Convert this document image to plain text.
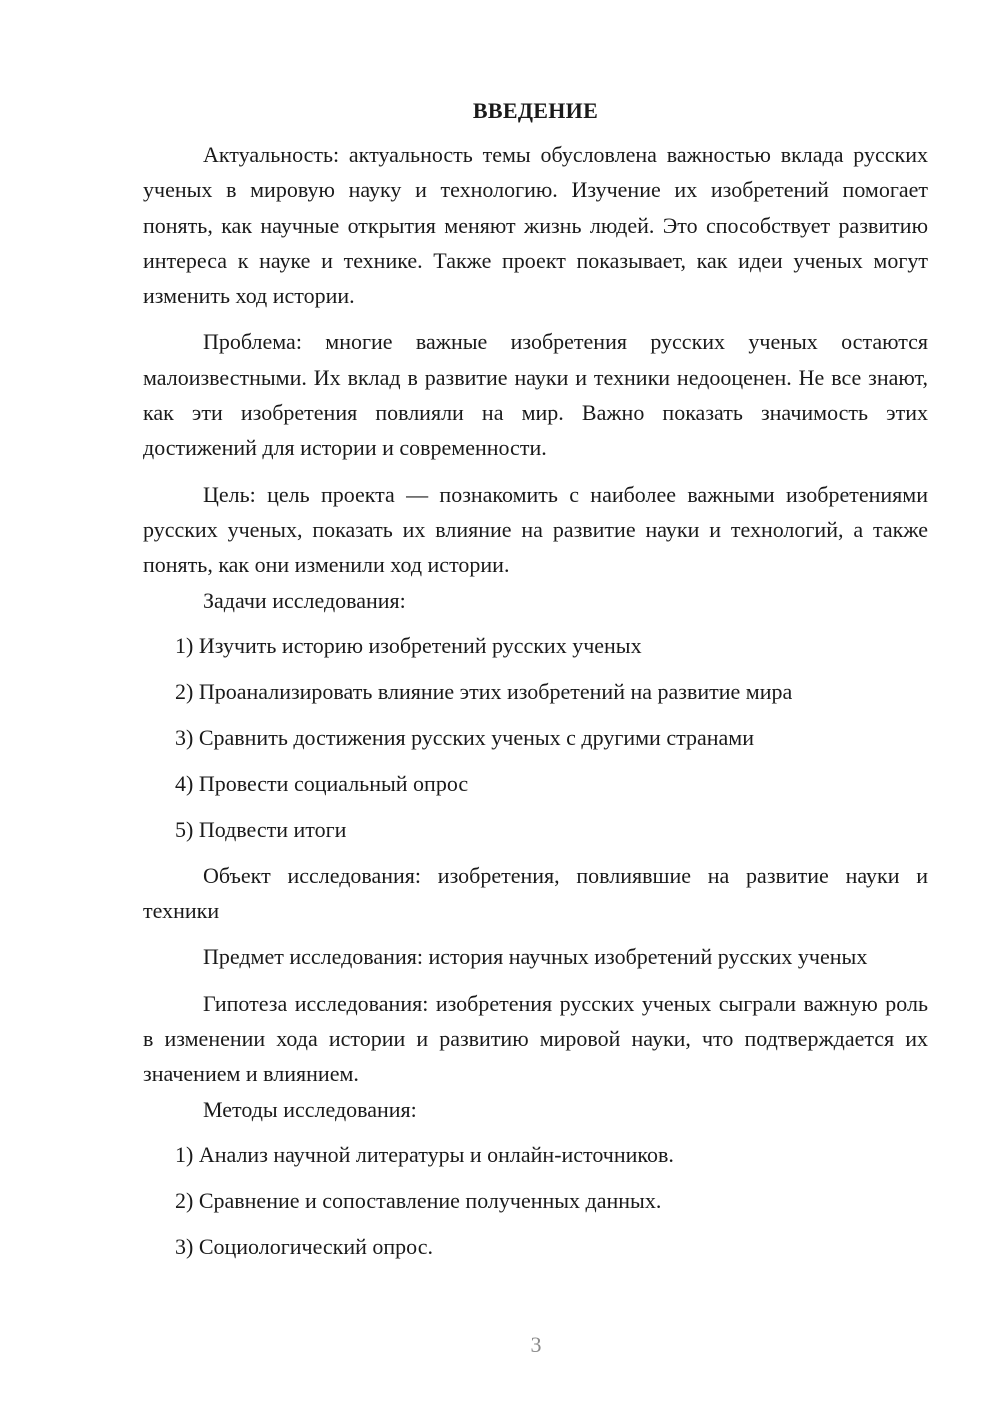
ВВЕДЕНИЕ

Актуальность: актуальность темы обусловлена важностью вклада русских ученых в мировую науку и технологию. Изучение их изобретений помогает понять, как научные открытия меняют жизнь людей. Это способствует развитию интереса к науке и технике. Также проект показывает, как идеи ученых могут изменить ход истории.

Проблема: многие важные изобретения русских ученых остаются малоизвестными. Их вклад в развитие науки и техники недооценен. Не все знают, как эти изобретения повлияли на мир. Важно показать значимость этих достижений для истории и современности.

Цель: цель проекта — познакомить с наиболее важными изобретениями русских ученых, показать их влияние на развитие науки и технологий, а также понять, как они изменили ход истории.

Задачи исследования:

1) Изучить историю изобретений русских ученых

2) Проанализировать влияние этих изобретений на развитие мира

3) Сравнить достижения русских ученых с другими странами

4) Провести социальный опрос

5) Подвести итоги

Объект исследования: изобретения, повлиявшие на развитие науки и техники

Предмет исследования: история научных изобретений русских ученых

Гипотеза исследования: изобретения русских ученых сыграли важную роль в изменении хода истории и развитию мировой науки, что подтверждается их значением и влиянием.

Методы исследования:

1) Анализ научной литературы и онлайн-источников.

2) Сравнение и сопоставление полученных данных.

3) Социологический опрос.

3
